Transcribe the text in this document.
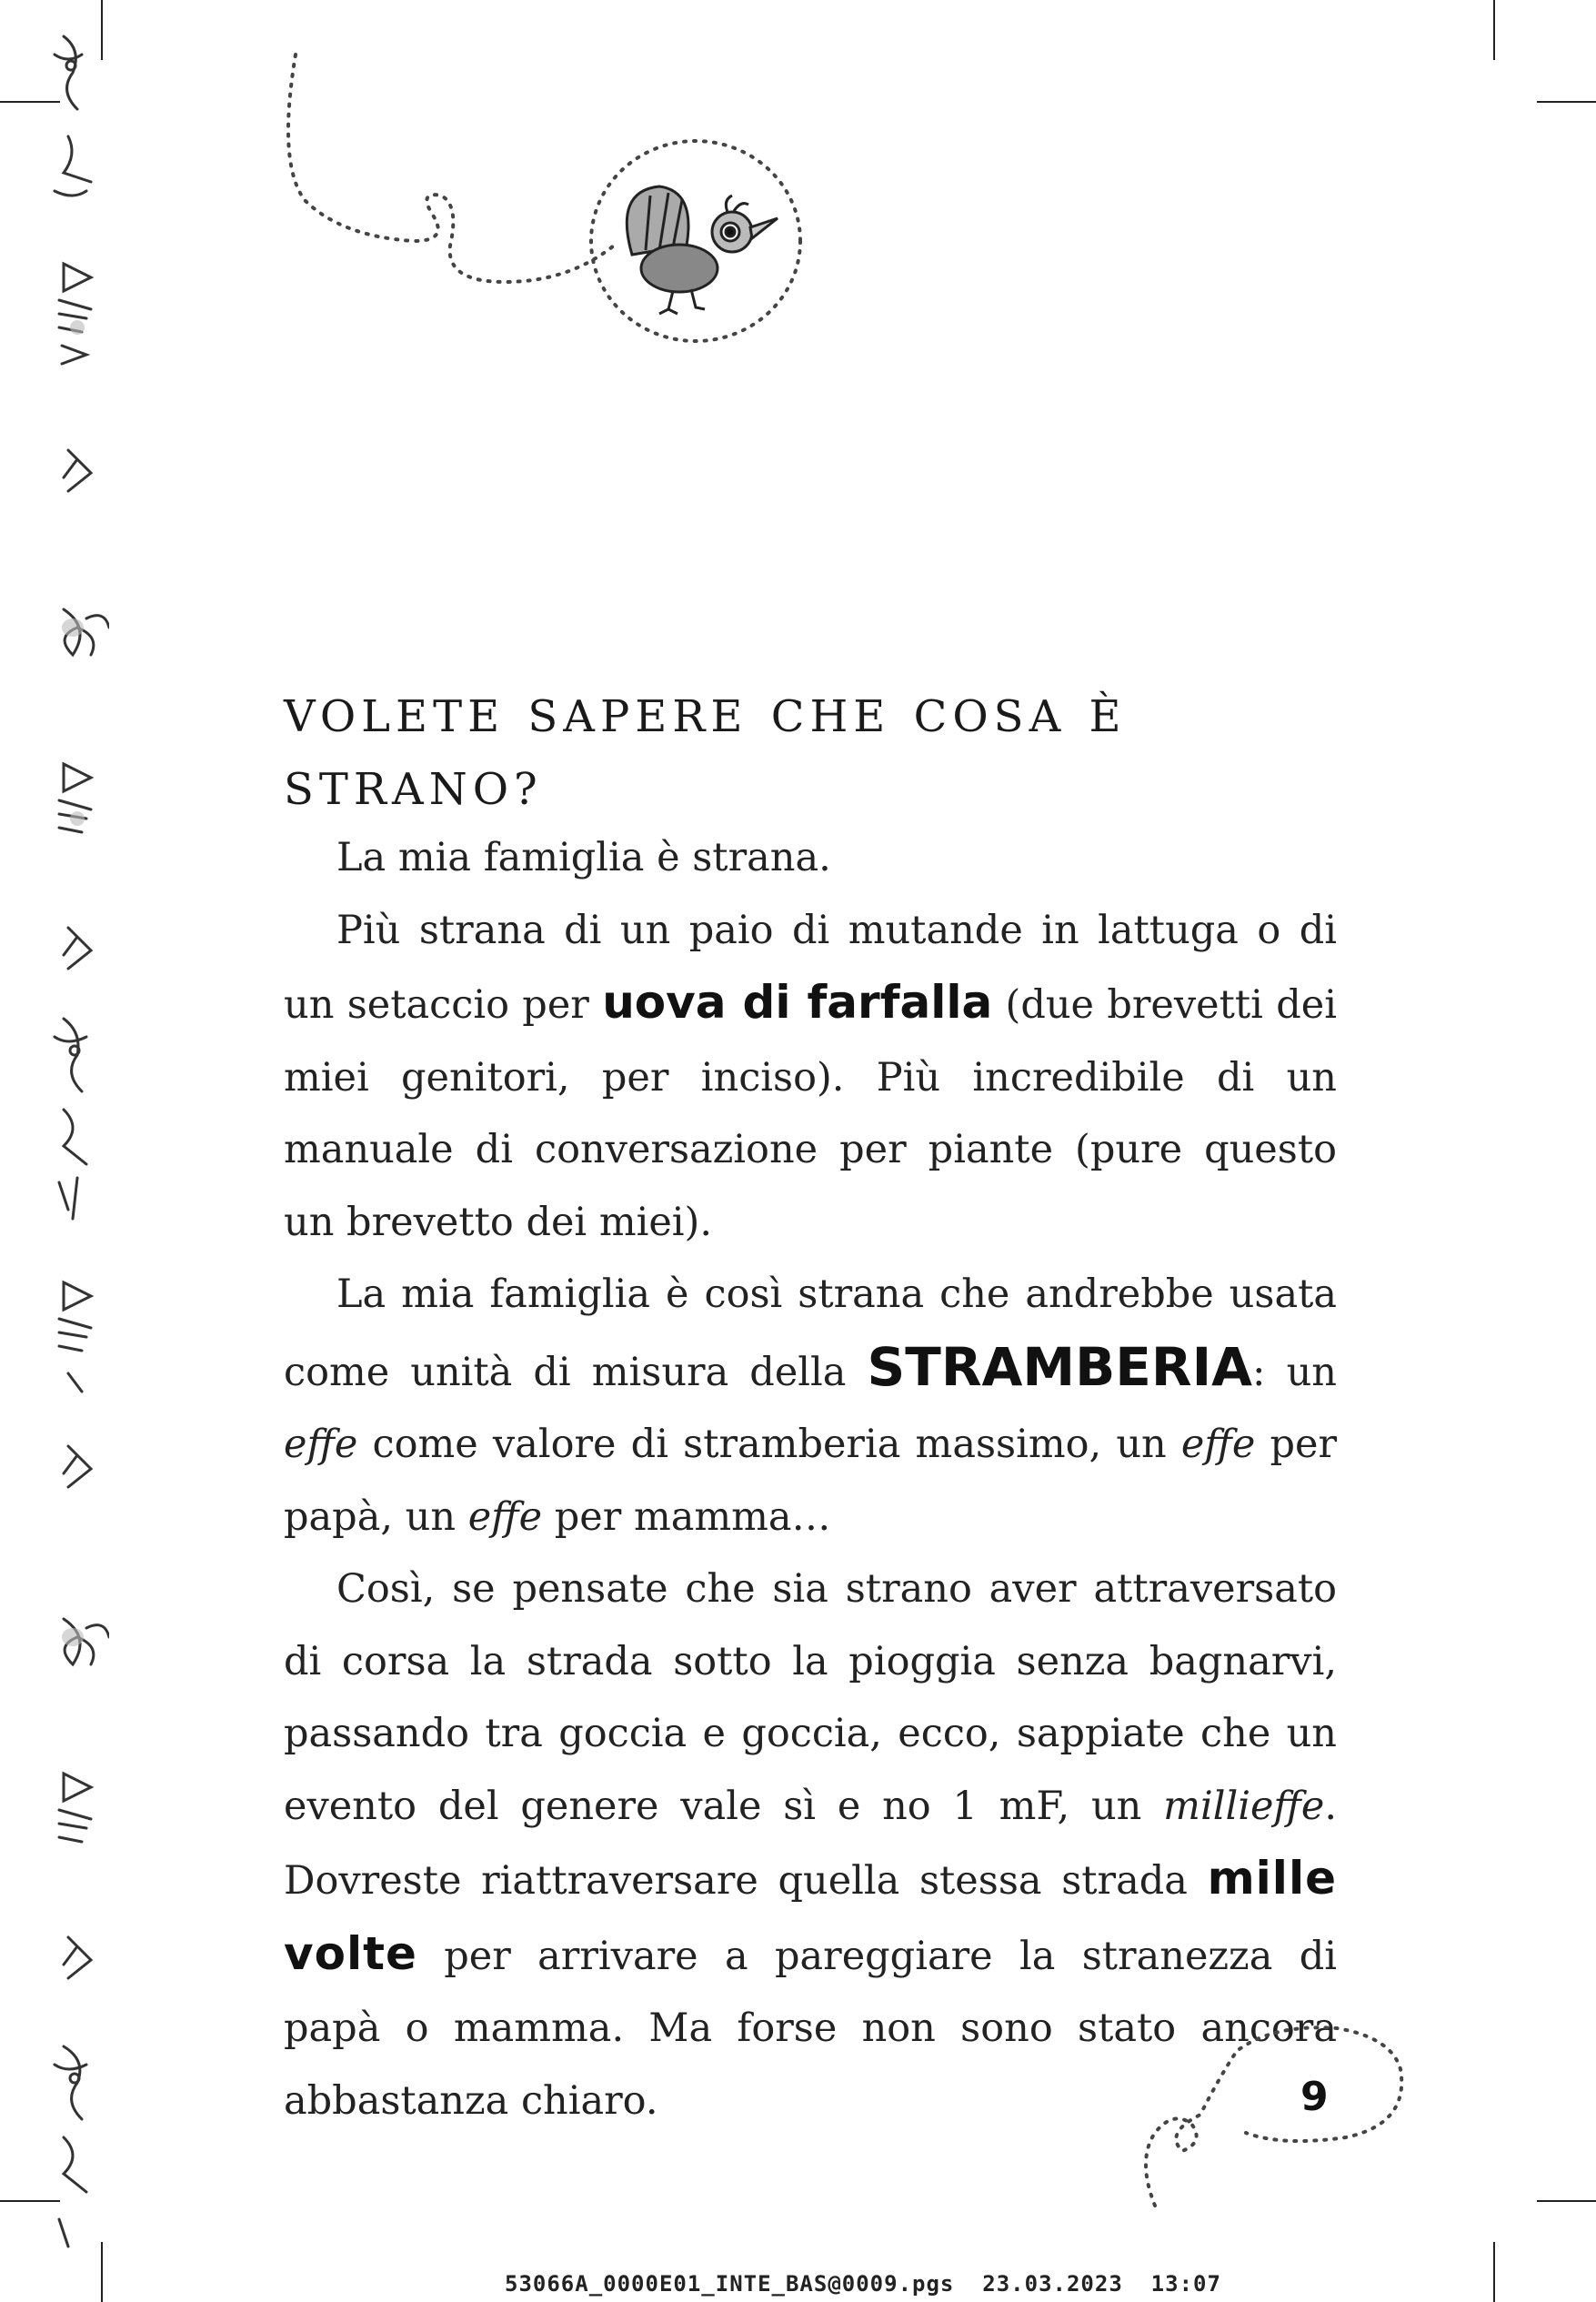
VOLETE SAPERE CHE COSA È STRANO?

La mia famiglia è strana.

Più strana di un paio di mutande in lattuga o di un setaccio per uova di farfalla (due brevetti dei miei genitori, per inciso). Più incredibile di un manuale di conversazione per piante (pure questo un brevetto dei miei).

La mia famiglia è così strana che andrebbe usata come unità di misura della STRAMBERIA: un effe come valore di stramberia massimo, un effe per papà, un effe per mamma…

Così, se pensate che sia strano aver attraversato di corsa la strada sotto la pioggia senza bagnarvi, passando tra goccia e goccia, ecco, sappiate che un evento del genere vale sì e no 1 mF, un millieffe. Dovreste riattraversare quella stessa strada mille volte per arrivare a pareggiare la stranezza di papà o mamma. Ma forse non sono stato ancora abbastanza chiaro.	9
53066A_0000E01_INTE_BAS@0009.pgs  23.03.2023  13:07
